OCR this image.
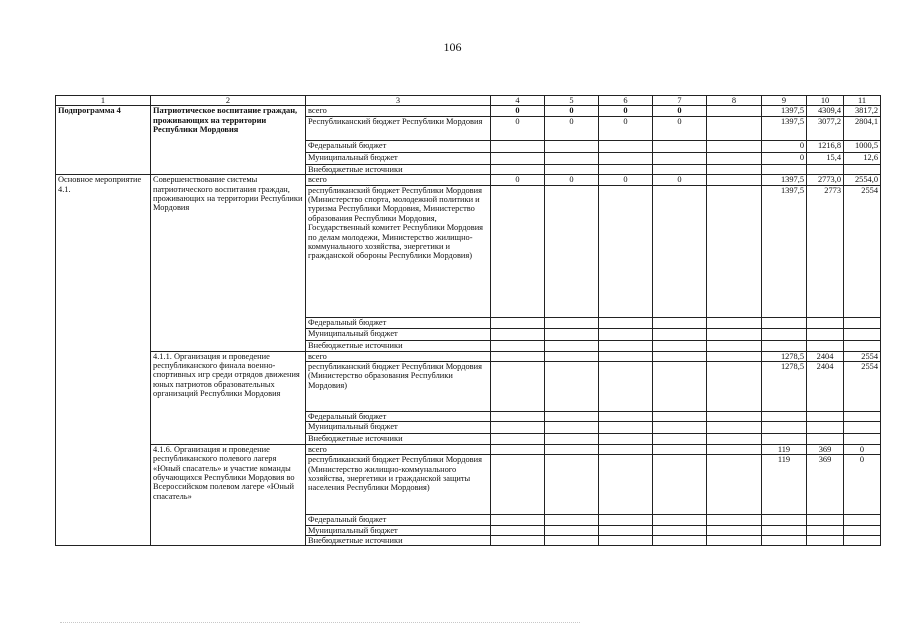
106
1	2	3	4	5	6	7	8	9	10	11
Подпрограмма 4	Патриотическое воспитание граждан, проживающих на территории Республики Мордовия	всего	0	0	0	0		1397,5	4309,4	3817,2
		Республиканский бюджет Республики Мордовия	0	0	0	0		1397,5	3077,2	2804,1
		Федеральный бюджет						0	1216,8	1000,5
		Муниципальный бюджет						0	15,4	12,6
		Внебюджетные источники								
Основное мероприятие 4.1.	Совершенствование системы патриотического воспитания граждан, проживающих на территории Республики Мордовия	всего	0	0	0	0		1397,5	2773,0	2554,0
		республиканский бюджет Республики Мордовия (Министерство спорта, молодежной политики и туризма Республики Мордовия, Министерство образования Республики Мордовия, Государственный комитет Республики Мордовия по делам молодежи, Министерство жилищно-коммунального хозяйства, энергетики и гражданской обороны Республики Мордовия)						1397,5	2773	2554
		Федеральный бюджет								
		Муниципальный бюджет								
		Внебюджетные источники								
	4.1.1. Организация и проведение республиканского финала военно-спортивных игр среди отрядов движения юных патриотов образовательных организаций Республики Мордовия	всего						1278,5	2404	2554
		республиканский бюджет Республики Мордовия (Министерство образования Республики Мордовия)						1278,5	2404	2554
		Федеральный бюджет								
		Муниципальный бюджет								
		Внебюджетные источники								
	4.1.6. Организация и проведение республиканского полевого лагеря «Юный спасатель» и участие команды обучающихся Республики Мордовия во Всероссийском полевом лагере «Юный спасатель»	всего						119	369	0
		республиканский бюджет Республики Мордовия (Министерство жилищно-коммунального хозяйства, энергетики и гражданской защиты населения Республики Мордовия)						119	369	0
		Федеральный бюджет								
		Муниципальный бюджет								
		Внебюджетные источники								
